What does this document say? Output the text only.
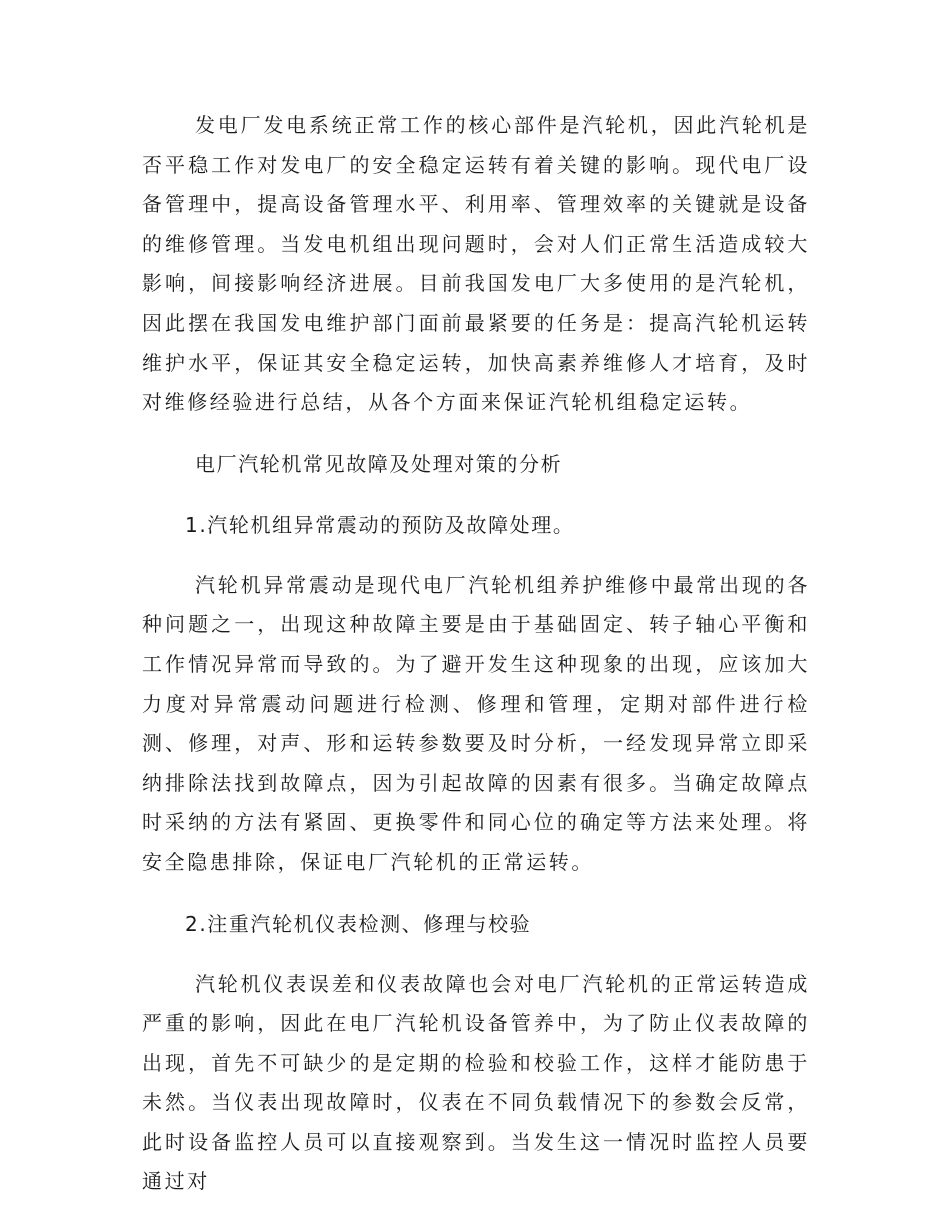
发电厂发电系统正常工作的核心部件是汽轮机，因此汽轮机是否平稳工作对发电厂的安全稳定运转有着关键的影响。现代电厂设备管理中，提高设备管理水平、利用率、管理效率的关键就是设备的维修管理。当发电机组出现问题时，会对人们正常生活造成较大影响，间接影响经济进展。目前我国发电厂大多使用的是汽轮机，因此摆在我国发电维护部门面前最紧要的任务是：提高汽轮机运转维护水平，保证其安全稳定运转，加快高素养维修人才培育，及时对维修经验进行总结，从各个方面来保证汽轮机组稳定运转。

电厂汽轮机常见故障及处理对策的分析

1.汽轮机组异常震动的预防及故障处理。

汽轮机异常震动是现代电厂汽轮机组养护维修中最常出现的各种问题之一，出现这种故障主要是由于基础固定、转子轴心平衡和工作情况异常而导致的。为了避开发生这种现象的出现，应该加大力度对异常震动问题进行检测、修理和管理，定期对部件进行检测、修理，对声、形和运转参数要及时分析，一经发现异常立即采纳排除法找到故障点，因为引起故障的因素有很多。当确定故障点时采纳的方法有紧固、更换零件和同心位的确定等方法来处理。将安全隐患排除，保证电厂汽轮机的正常运转。

2.注重汽轮机仪表检测、修理与校验

汽轮机仪表误差和仪表故障也会对电厂汽轮机的正常运转造成严重的影响，因此在电厂汽轮机设备管养中，为了防止仪表故障的出现，首先不可缺少的是定期的检验和校验工作，这样才能防患于未然。当仪表出现故障时，仪表在不同负载情况下的参数会反常，此时设备监控人员可以直接观察到。当发生这一情况时监控人员要通过对
